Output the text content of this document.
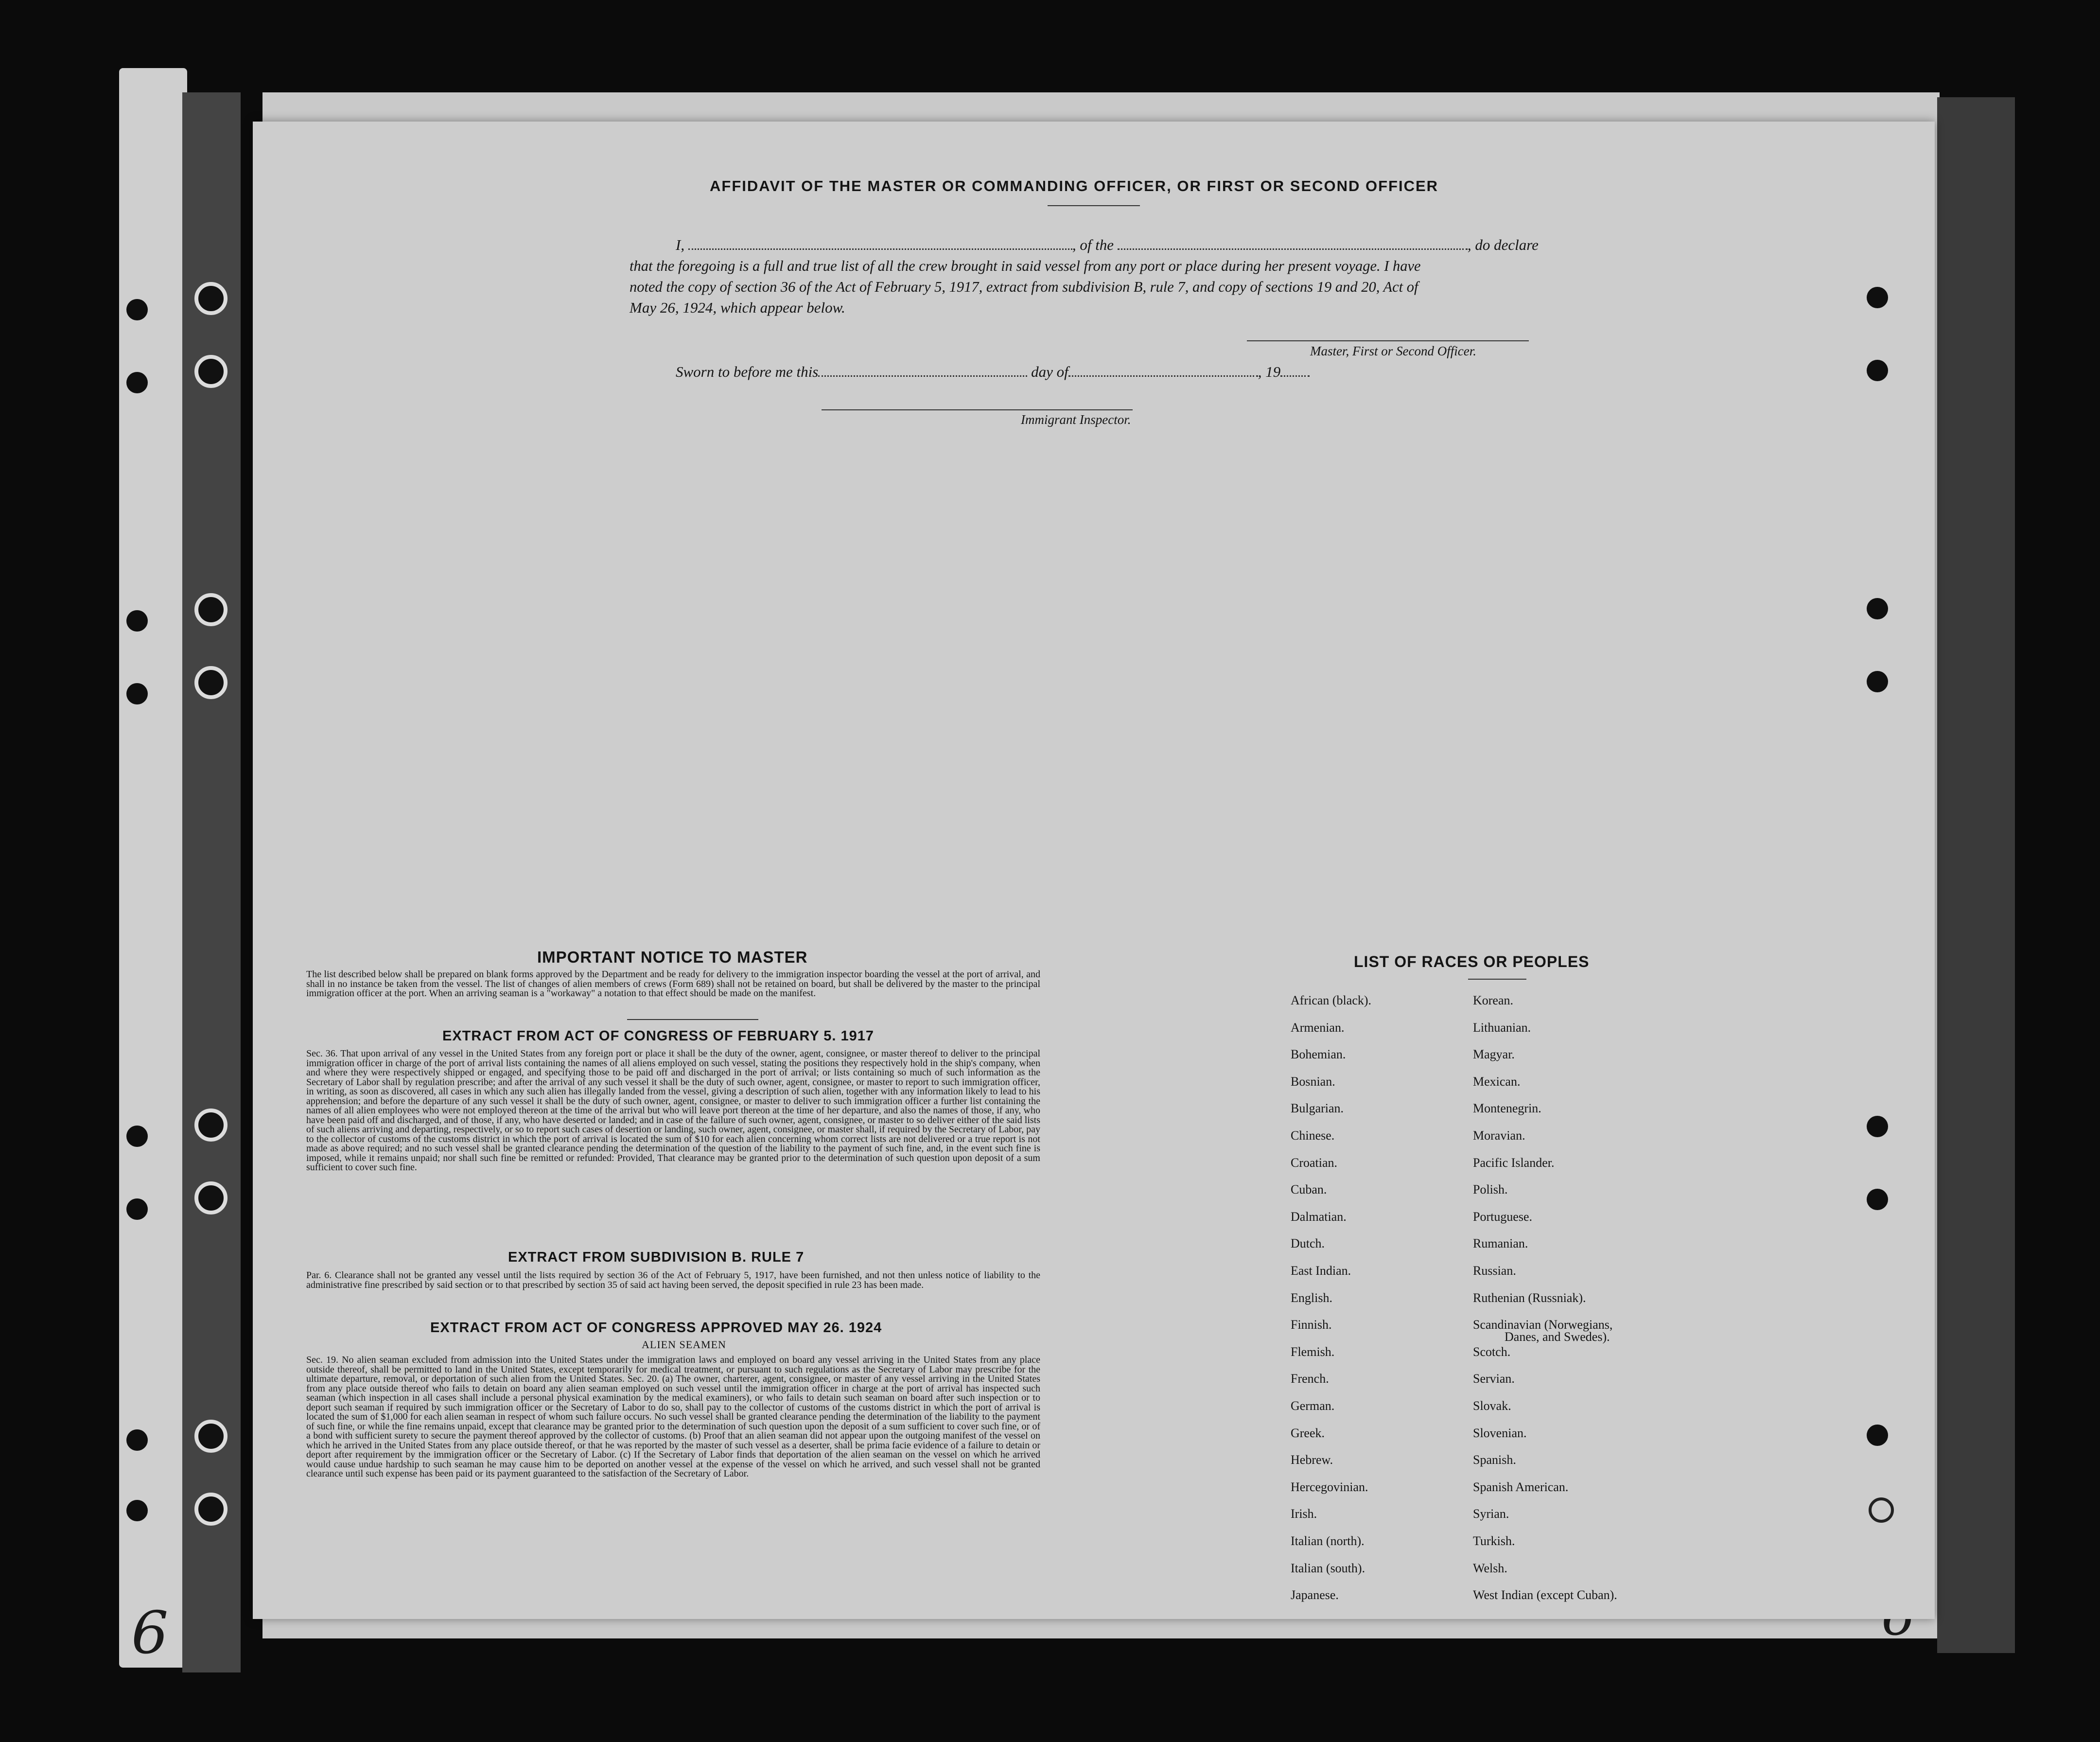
6
AFFIDAVIT OF THE MASTER OR COMMANDING OFFICER, OR FIRST OR SECOND OFFICER
I,	, of the	, do declare
that the foregoing is a full and true list of all the crew brought in said vessel from any port or place during her present voyage. I have
noted the copy of section 36 of the Act of February 5, 1917, extract from subdivision B, rule 7, and copy of sections 19 and 20, Act of
May 26, 1924, which appear below.
Master, First or Second Officer.
Sworn to before me this	day of	, 19
Immigrant Inspector.
IMPORTANT NOTICE TO MASTER
The list described below shall be prepared on blank forms approved by the Department and be ready for delivery to the immigration inspector boarding the vessel at the port of arrival, and shall in no instance be taken from the vessel. The list of changes of alien members of crews (Form 689) shall not be retained on board, but shall be delivered by the master to the principal immigration officer at the port. When an arriving seaman is a "workaway" a notation to that effect should be made on the manifest.
EXTRACT FROM ACT OF CONGRESS OF FEBRUARY 5. 1917
Sec. 36. That upon arrival of any vessel in the United States from any foreign port or place it shall be the duty of the owner, agent, consignee, or master thereof to deliver to the principal immigration officer in charge of the port of arrival lists containing the names of all aliens employed on such vessel, stating the positions they respectively hold in the ship's company, when and where they were respectively shipped or engaged, and specifying those to be paid off and discharged in the port of arrival; or lists containing so much of such information as the Secretary of Labor shall by regulation prescribe; and after the arrival of any such vessel it shall be the duty of such owner, agent, consignee, or master to report to such immigration officer, in writing, as soon as discovered, all cases in which any such alien has illegally landed from the vessel, giving a description of such alien, together with any information likely to lead to his apprehension; and before the departure of any such vessel it shall be the duty of such owner, agent, consignee, or master to deliver to such immigration officer a further list containing the names of all alien employees who were not employed thereon at the time of the arrival but who will leave port thereon at the time of her departure, and also the names of those, if any, who have been paid off and discharged, and of those, if any, who have deserted or landed; and in case of the failure of such owner, agent, consignee, or master to so deliver either of the said lists of such aliens arriving and departing, respectively, or so to report such cases of desertion or landing, such owner, agent, consignee, or master shall, if required by the Secretary of Labor, pay to the collector of customs of the customs district in which the port of arrival is located the sum of $10 for each alien concerning whom correct lists are not delivered or a true report is not made as above required; and no such vessel shall be granted clearance pending the determination of the question of the liability to the payment of such fine, and, in the event such fine is imposed, while it remains unpaid; nor shall such fine be remitted or refunded: Provided, That clearance may be granted prior to the determination of such question upon deposit of a sum sufficient to cover such fine.
EXTRACT FROM SUBDIVISION B. RULE 7
Par. 6. Clearance shall not be granted any vessel until the lists required by section 36 of the Act of February 5, 1917, have been furnished, and not then unless notice of liability to the administrative fine prescribed by said section or to that prescribed by section 35 of said act having been served, the deposit specified in rule 23 has been made.
EXTRACT FROM ACT OF CONGRESS APPROVED MAY 26. 1924
ALIEN SEAMEN
Sec. 19. No alien seaman excluded from admission into the United States under the immigration laws and employed on board any vessel arriving in the United States from any place outside thereof, shall be permitted to land in the United States, except temporarily for medical treatment, or pursuant to such regulations as the Secretary of Labor may prescribe for the ultimate departure, removal, or deportation of such alien from the United States. Sec. 20. (a) The owner, charterer, agent, consignee, or master of any vessel arriving in the United States from any place outside thereof who fails to detain on board any alien seaman employed on such vessel until the immigration officer in charge at the port of arrival has inspected such seaman (which inspection in all cases shall include a personal physical examination by the medical examiners), or who fails to detain such seaman on board after such inspection or to deport such seaman if required by such immigration officer or the Secretary of Labor to do so, shall pay to the collector of customs of the customs district in which the port of arrival is located the sum of $1,000 for each alien seaman in respect of whom such failure occurs. No such vessel shall be granted clearance pending the determination of the liability to the payment of such fine, or while the fine remains unpaid, except that clearance may be granted prior to the determination of such question upon the deposit of a sum sufficient to cover such fine, or of a bond with sufficient surety to secure the payment thereof approved by the collector of customs. (b) Proof that an alien seaman did not appear upon the outgoing manifest of the vessel on which he arrived in the United States from any place outside thereof, or that he was reported by the master of such vessel as a deserter, shall be prima facie evidence of a failure to detain or deport after requirement by the immigration officer or the Secretary of Labor. (c) If the Secretary of Labor finds that deportation of the alien seaman on the vessel on which he arrived would cause undue hardship to such seaman he may cause him to be deported on another vessel at the expense of the vessel on which he arrived, and such vessel shall not be granted clearance until such expense has been paid or its payment guaranteed to the satisfaction of the Secretary of Labor.
LIST OF RACES OR PEOPLES
African (black).
Armenian.
Bohemian.
Bosnian.
Bulgarian.
Chinese.
Croatian.
Cuban.
Dalmatian.
Dutch.
East Indian.
English.
Finnish.
Flemish.
French.
German.
Greek.
Hebrew.
Hercegovinian.
Irish.
Italian (north).
Italian (south).
Japanese.
Korean.
Lithuanian.
Magyar.
Mexican.
Montenegrin.
Moravian.
Pacific Islander.
Polish.
Portuguese.
Rumanian.
Russian.
Ruthenian (Russniak).
Scandinavian (Norwegians,
Danes, and Swedes).
Scotch.
Servian.
Slovak.
Slovenian.
Spanish.
Spanish American.
Syrian.
Turkish.
Welsh.
West Indian (except Cuban).
